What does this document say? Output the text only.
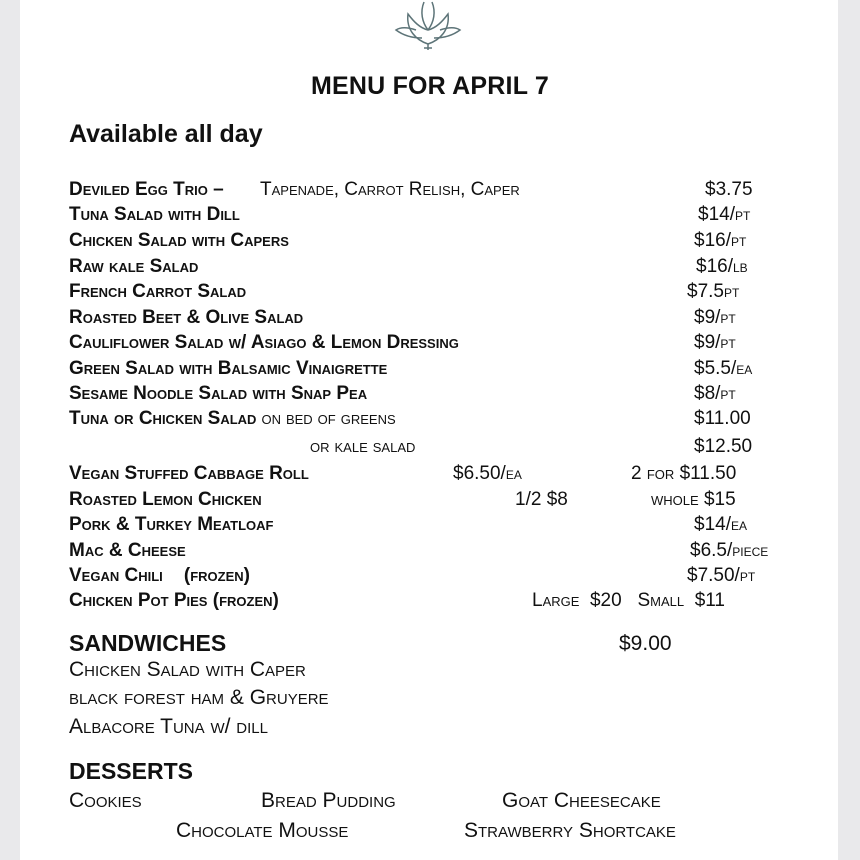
MENU FOR APRIL 7
Available all day
Deviled Egg Trio – Tapenade, Carrot Relish, Caper	$3.75
Tuna Salad with Dill	$14/pt
Chicken Salad with Capers	$16/pt
Raw kale Salad	$16/lb
French Carrot Salad	$7.5pt
Roasted Beet & Olive Salad	$9/pt
Cauliflower Salad w/ Asiago & Lemon Dressing	$9/pt
Green Salad with Balsamic Vinaigrette	$5.5/ea
Sesame Noodle Salad with Snap Pea	$8/pt
Tuna or Chicken Salad on bed of greens	$11.00
or kale salad	$12.50
Vegan Stuffed Cabbage Roll	$6.50/ea	2 for $11.50
Roasted Lemon Chicken	1/2 $8	whole $15
Pork & Turkey Meatloaf	$14/ea
Mac & Cheese	$6.5/piece
Vegan Chili    (frozen)	$7.50/pt
Chicken Pot Pies (frozen)	Large  $20   Small  $11
SANDWICHES	$9.00
Chicken Salad with Caper
black forest ham & Gruyere
Albacore Tuna w/ dill
DESSERTS
Cookies	Bread Pudding	Goat Cheesecake
Chocolate Mousse	Strawberry Shortcake
